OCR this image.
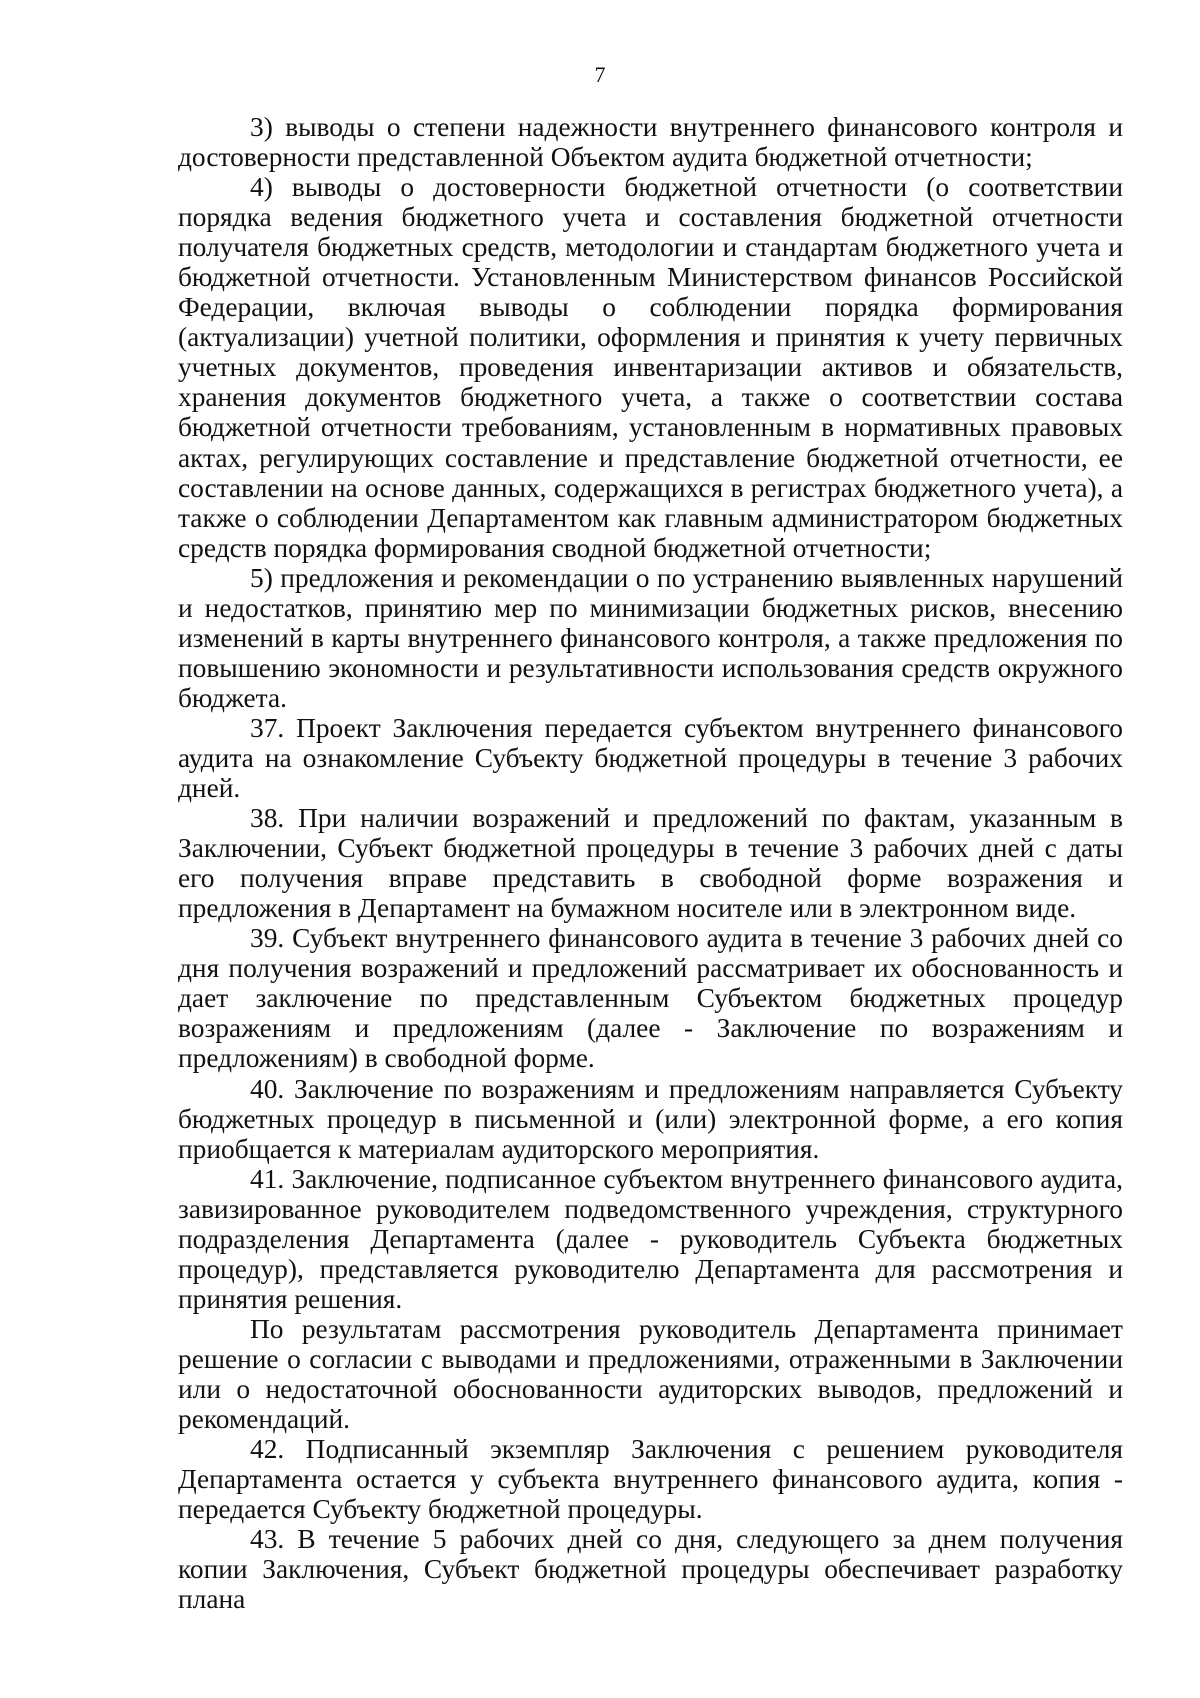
7

3) выводы о степени надежности внутреннего финансового контроля и достоверности представленной Объектом аудита бюджетной отчетности;

4) выводы о достоверности бюджетной отчетности (о соответствии порядка ведения бюджетного учета и составления бюджетной отчетности получателя бюджетных средств, методологии и стандартам бюджетного учета и бюджетной отчетности. Установленным Министерством финансов Российской Федерации, включая выводы о соблюдении порядка формирования (актуализации) учетной политики, оформления и принятия к учету первичных учетных документов, проведения инвентаризации активов и обязательств, хранения документов бюджетного учета, а также о соответствии состава бюджетной отчетности требованиям, установленным в нормативных правовых актах, регулирующих составление и представление бюджетной отчетности, ее составлении на основе данных, содержащихся в регистрах бюджетного учета), а также о соблюдении Департаментом как главным администратором бюджетных средств порядка формирования сводной бюджетной отчетности;

5) предложения и рекомендации о по устранению выявленных нарушений и недостатков, принятию мер по минимизации бюджетных рисков, внесению изменений в карты внутреннего финансового контроля, а также предложения по повышению экономности и результативности использования средств окружного бюджета.

37. Проект Заключения передается субъектом внутреннего финансового аудита на ознакомление Субъекту бюджетной процедуры в течение 3 рабочих дней.

38. При наличии возражений и предложений по фактам, указанным в Заключении, Субъект бюджетной процедуры в течение 3 рабочих дней с даты его получения вправе представить в свободной форме возражения и предложения в Департамент на бумажном носителе или в электронном виде.

39. Субъект внутреннего финансового аудита в течение 3 рабочих дней со дня получения возражений и предложений рассматривает их обоснованность и дает заключение по представленным Субъектом бюджетных процедур возражениям и предложениям (далее - Заключение по возражениям и предложениям) в свободной форме.

40. Заключение по возражениям и предложениям направляется Субъекту бюджетных процедур в письменной и (или) электронной форме, а его копия приобщается к материалам аудиторского мероприятия.

41. Заключение, подписанное субъектом внутреннего финансового аудита, завизированное руководителем подведомственного учреждения, структурного подразделения Департамента (далее - руководитель Субъекта бюджетных процедур), представляется руководителю Департамента для рассмотрения и принятия решения.

По результатам рассмотрения руководитель Департамента принимает решение о согласии с выводами и предложениями, отраженными в Заключении или о недостаточной обоснованности аудиторских выводов, предложений и рекомендаций.

42. Подписанный экземпляр Заключения с решением руководителя Департамента остается у субъекта внутреннего финансового аудита, копия - передается Субъекту бюджетной процедуры.

43. В течение 5 рабочих дней со дня, следующего за днем получения копии Заключения, Субъект бюджетной процедуры обеспечивает разработку плана
